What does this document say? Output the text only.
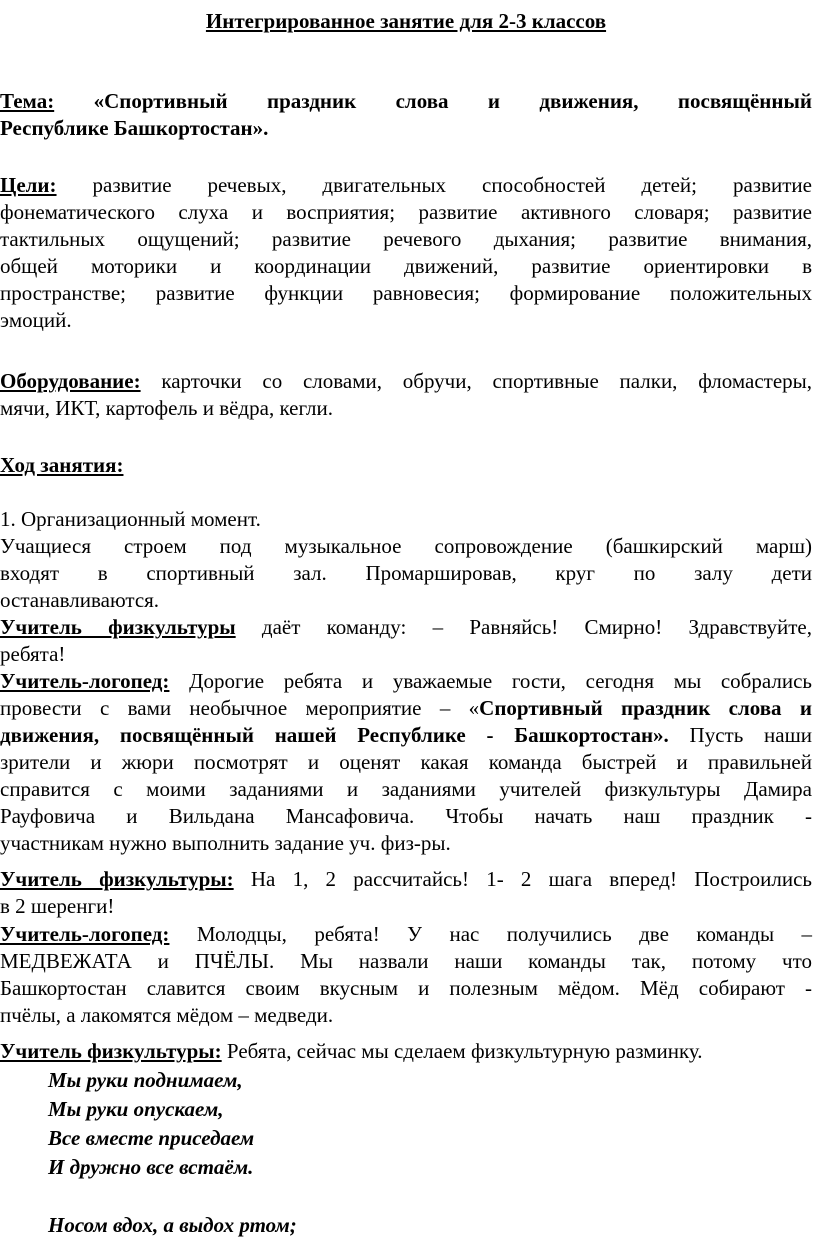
Интегрированное занятие для 2-3 классов
Тема: «Спортивный праздник слова и движения, посвящённый
Республике Башкортостан».
Цели: развитие речевых, двигательных способностей детей; развитие
фонематического слуха и восприятия; развитие активного словаря; развитие
тактильных ощущений; развитие речевого дыхания; развитие внимания,
общей моторики и координации движений, развитие ориентировки в
пространстве; развитие функции равновесия; формирование положительных
эмоций.
Оборудование: карточки со словами, обручи, спортивные палки, фломастеры,
мячи, ИКТ, картофель и вёдра, кегли.
Ход занятия:
1. Организационный момент.
Учащиеся строем под музыкальное сопровождение (башкирский марш)
входят в спортивный зал. Промаршировав, круг по залу дети
останавливаются.
Учитель физкультуры даёт команду: – Равняйсь! Смирно! Здравствуйте,
ребята!
Учитель-логопед: Дорогие ребята и уважаемые гости, сегодня мы собрались
провести с вами необычное мероприятие – «Спортивный праздник слова и
движения, посвящённый нашей Республике - Башкортостан». Пусть наши
зрители и жюри посмотрят и оценят какая команда быстрей и правильней
справится с моими заданиями и заданиями учителей физкультуры Дамира
Рауфовича и Вильдана Мансафовича. Чтобы начать наш праздник -
участникам нужно выполнить задание уч. физ-ры.
Учитель физкультуры: На 1, 2 рассчитайсь! 1- 2 шага вперед! Построились
в 2 шеренги!
Учитель-логопед: Молодцы, ребята! У нас получились две команды –
МЕДВЕЖАТА и ПЧЁЛЫ. Мы назвали наши команды так, потому что
Башкортостан славится своим вкусным и полезным мёдом. Мёд собирают -
пчёлы, а лакомятся мёдом – медведи.
Учитель физкультуры: Ребята, сейчас мы сделаем физкультурную разминку.
Мы руки поднимаем,
Мы руки опускаем,
Все вместе приседаем
И дружно все встаём.
Носом вдох, а выдох ртом;
